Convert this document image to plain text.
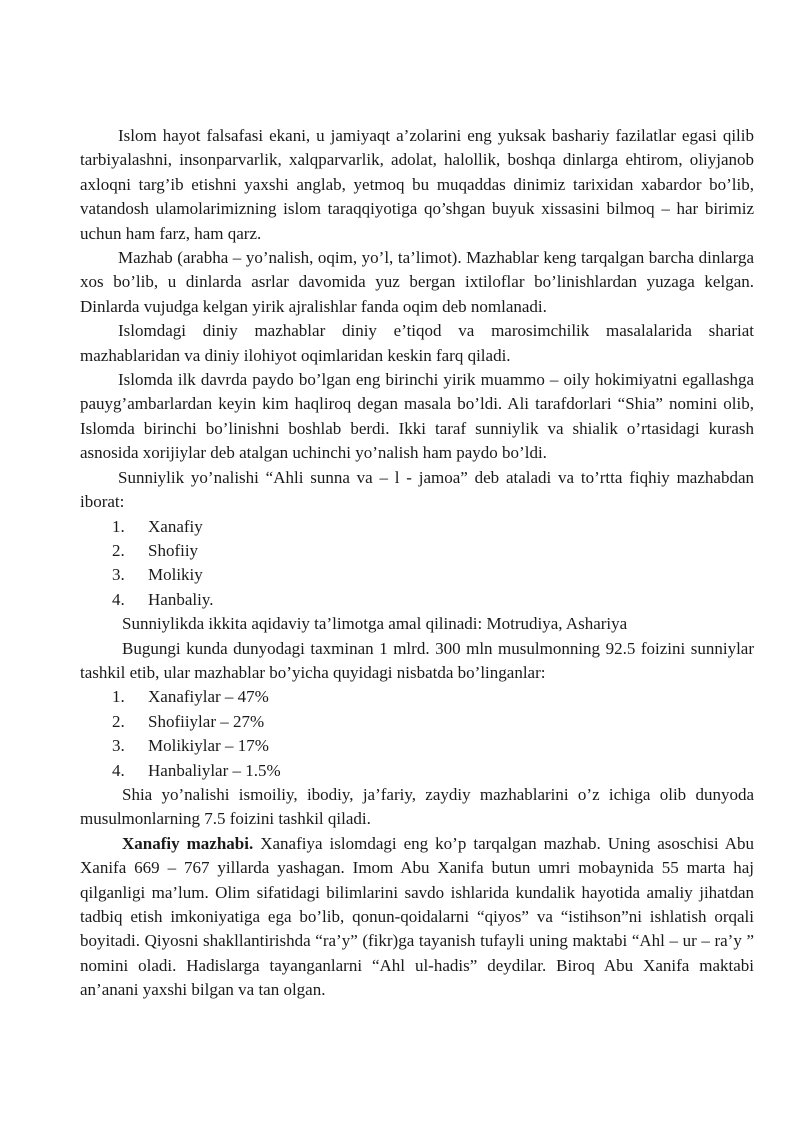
Islom hayot falsafasi ekani, u jamiyaqt a’zolarini eng yuksak bashariy fazilatlar egasi qilib tarbiyalashni, insonparvarlik, xalqparvarlik, adolat, halollik, boshqa dinlarga ehtirom, oliyjanob axloqni targ’ib etishni yaxshi anglab, yetmoq bu muqaddas dinimiz tarixidan xabardor bo’lib, vatandosh ulamolarimizning islom taraqqiyotiga qo’shgan buyuk xissasini bilmoq – har birimiz uchun ham farz, ham qarz.

Mazhab (arabha – yo’nalish, oqim, yo’l, ta’limot). Mazhablar keng tarqalgan barcha dinlarga xos bo’lib, u dinlarda asrlar davomida yuz bergan ixtiloflar bo’linishlardan yuzaga kelgan. Dinlarda vujudga kelgan yirik ajralishlar fanda oqim deb nomlanadi.

Islomdagi diniy mazhablar diniy e’tiqod va marosimchilik masalalarida shariat mazhablaridan va diniy ilohiyot oqimlaridan keskin farq qiladi.

Islomda ilk davrda paydo bo’lgan eng birinchi yirik muammo – oily hokimiyatni egallashga pauyg’ambarlardan keyin kim haqliroq degan masala bo’ldi. Ali tarafdorlari “Shia” nomini olib, Islomda birinchi bo’linishni boshlab berdi. Ikki taraf sunniylik va shialik o’rtasidagi kurash asnosida xorijiylar deb atalgan uchinchi yo’nalish ham paydo bo’ldi.

Sunniylik yo’nalishi “Ahli sunna va – l - jamoa” deb ataladi va to’rtta fiqhiy mazhabdan iborat:

1.	Xanafiy
2.	Shofiiy
3.	Molikiy
4.	Hanbaliy.

Sunniylikda ikkita aqidaviy ta’limotga amal qilinadi: Motrudiya, Ashariya

Bugungi kunda dunyodagi taxminan 1 mlrd. 300 mln musulmonning 92.5 foizini sunniylar tashkil etib, ular mazhablar bo’yicha quyidagi nisbatda bo’linganlar:

1.	Xanafiylar – 47%
2.	Shofiiylar – 27%
3.	Molikiylar – 17%
4.	Hanbaliylar – 1.5%

Shia yo’nalishi ismoiliy, ibodiy, ja’fariy, zaydiy mazhablarini o’z ichiga olib dunyoda musulmonlarning 7.5 foizini tashkil qiladi.

Xanafiy mazhabi. Xanafiya islomdagi eng ko’p tarqalgan mazhab. Uning asoschisi Abu Xanifa 669 – 767 yillarda yashagan. Imom Abu Xanifa butun umri mobaynida 55 marta haj qilganligi ma’lum. Olim sifatidagi bilimlarini savdo ishlarida kundalik hayotida amaliy jihatdan tadbiq etish imkoniyatiga ega bo’lib, qonun-qoidalarni “qiyos” va “istihson”ni ishlatish orqali boyitadi. Qiyosni shakllantirishda “ra’y” (fikr)ga tayanish tufayli uning maktabi “Ahl – ur – ra’y ” nomini oladi. Hadislarga tayanganlarni “Ahl ul-hadis” deydilar. Biroq Abu Xanifa maktabi an’anani yaxshi bilgan va tan olgan.
